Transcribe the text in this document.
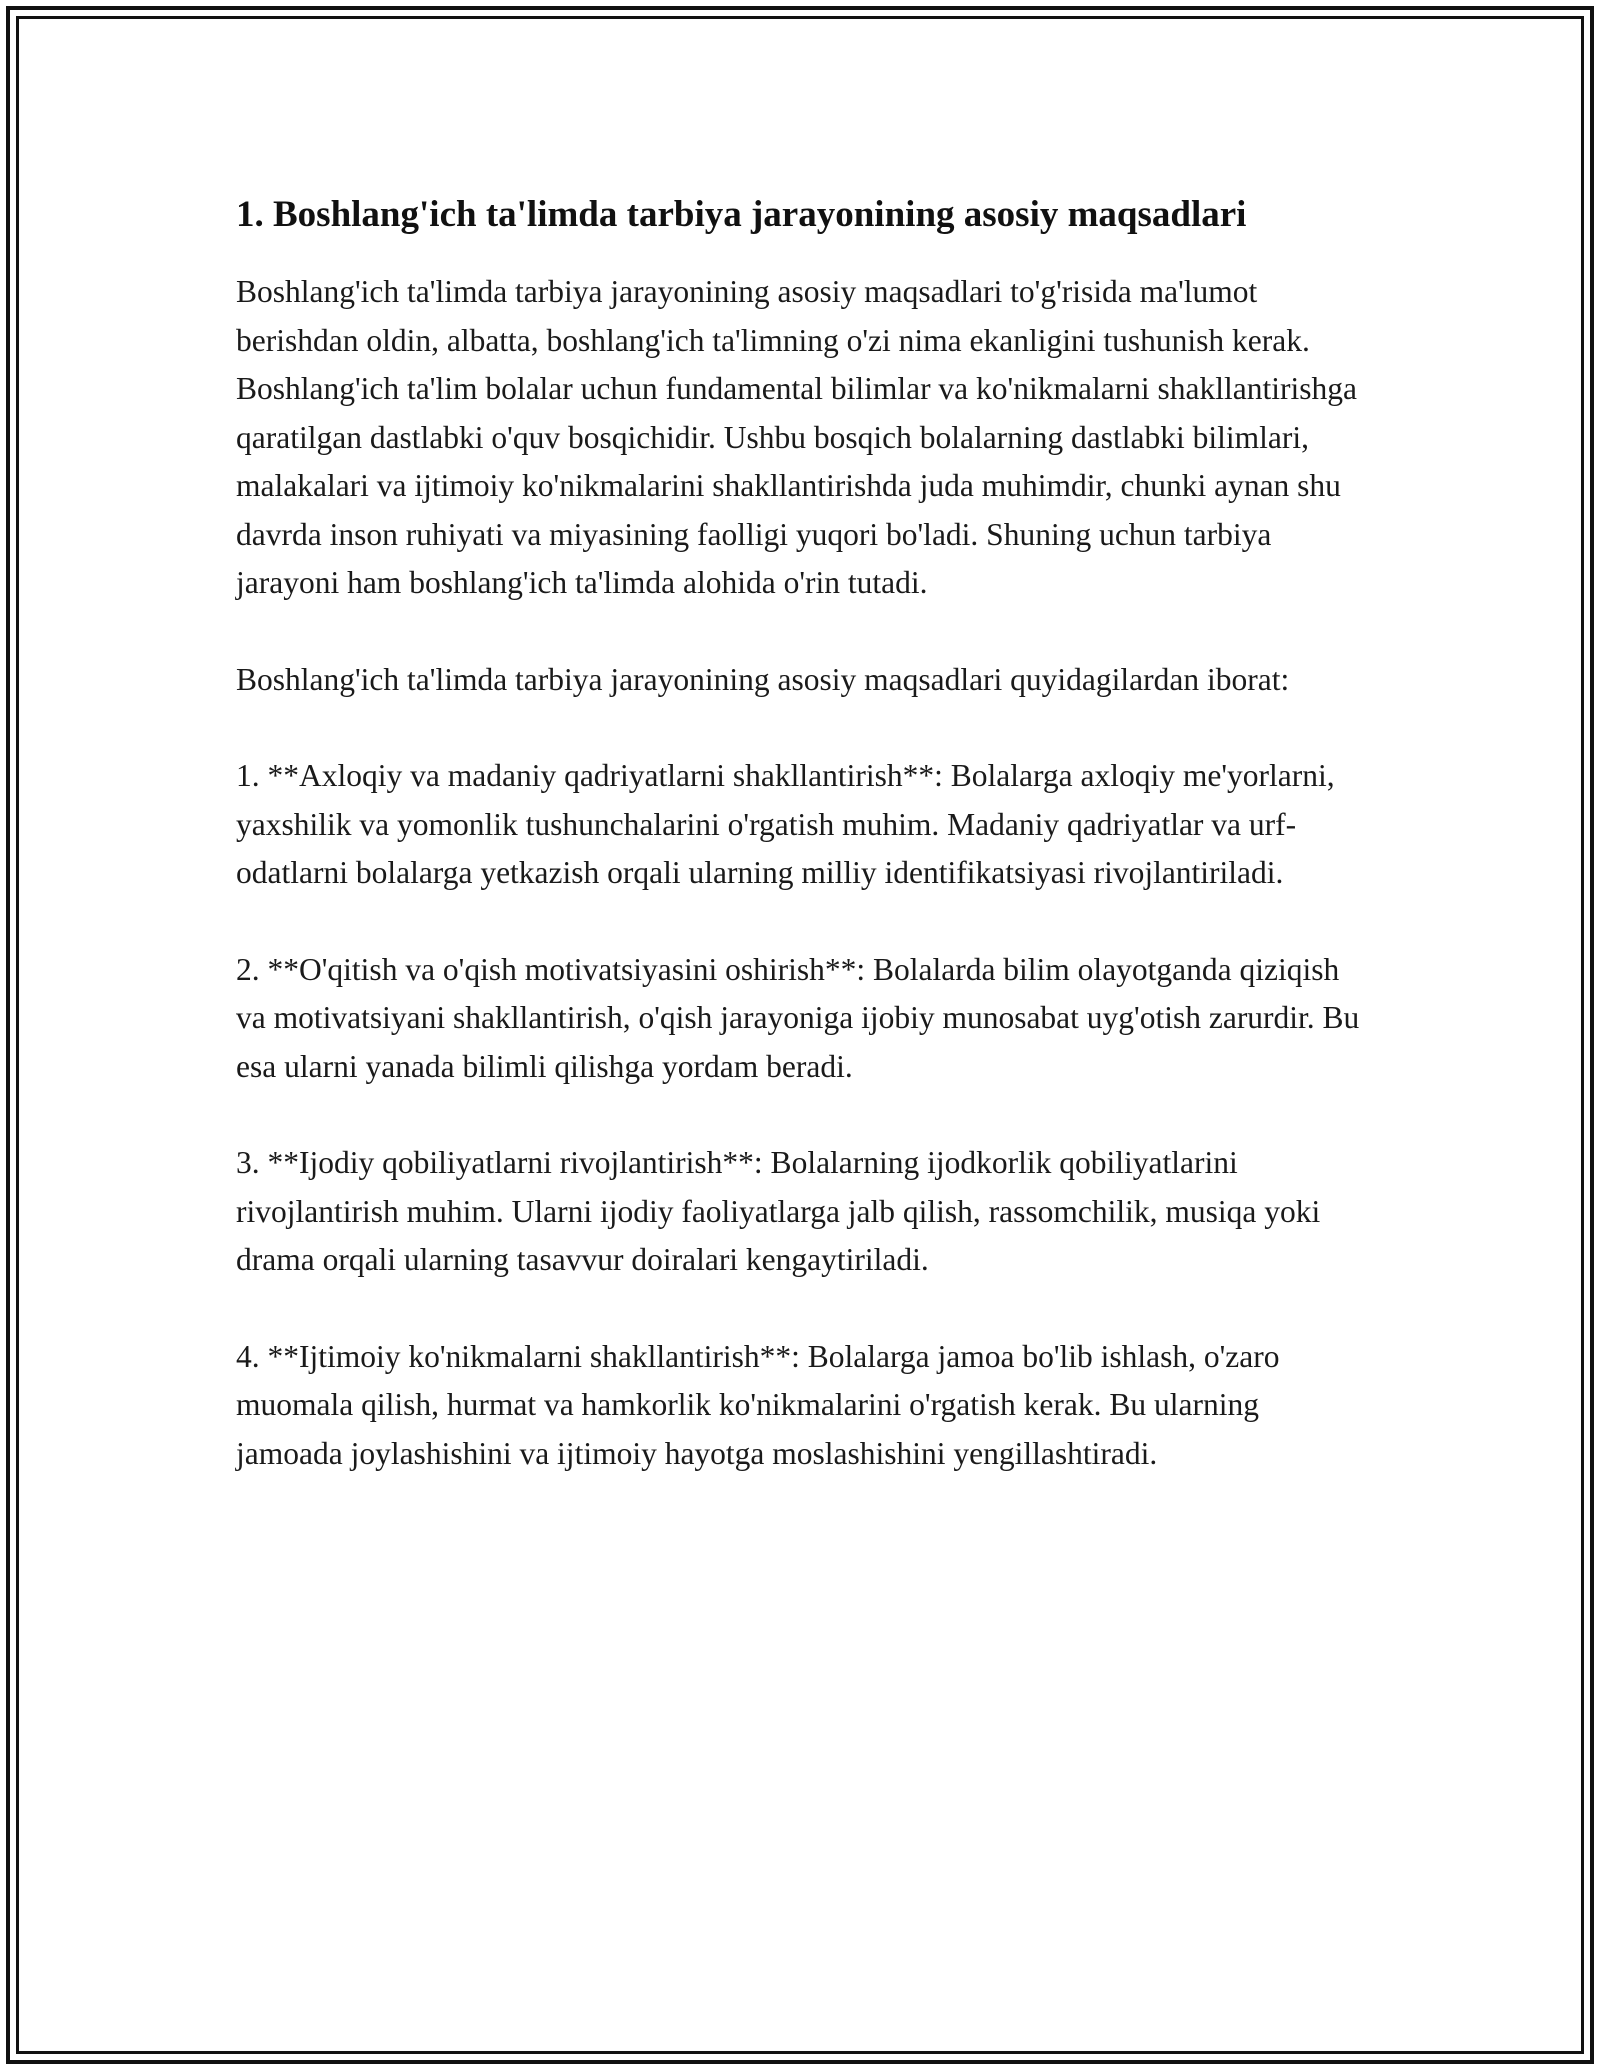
1. Boshlang'ich ta'limda tarbiya jarayonining asosiy maqsadlari

Boshlang'ich ta'limda tarbiya jarayonining asosiy maqsadlari to'g'risida ma'lumot berishdan oldin, albatta, boshlang'ich ta'limning o'zi nima ekanligini tushunish kerak. Boshlang'ich ta'lim bolalar uchun fundamental bilimlar va ko'nikmalarni shakllantirishga qaratilgan dastlabki o'quv bosqichidir. Ushbu bosqich bolalarning dastlabki bilimlari, malakalari va ijtimoiy ko'nikmalarini shakllantirishda juda muhimdir, chunki aynan shu davrda inson ruhiyati va miyasining faolligi yuqori bo'ladi. Shuning uchun tarbiya jarayoni ham boshlang'ich ta'limda alohida o'rin tutadi.

Boshlang'ich ta'limda tarbiya jarayonining asosiy maqsadlari quyidagilardan iborat:

1. **Axloqiy va madaniy qadriyatlarni shakllantirish**: Bolalarga axloqiy me'yorlarni, yaxshilik va yomonlik tushunchalarini o'rgatish muhim. Madaniy qadriyatlar va urf-odatlarni bolalarga yetkazish orqali ularning milliy identifikatsiyasi rivojlantiriladi.

2. **O'qitish va o'qish motivatsiyasini oshirish**: Bolalarda bilim olayotganda qiziqish va motivatsiyani shakllantirish, o'qish jarayoniga ijobiy munosabat uyg'otish zarurdir. Bu esa ularni yanada bilimli qilishga yordam beradi.

3. **Ijodiy qobiliyatlarni rivojlantirish**: Bolalarning ijodkorlik qobiliyatlarini rivojlantirish muhim. Ularni ijodiy faoliyatlarga jalb qilish, rassomchilik, musiqa yoki drama orqali ularning tasavvur doiralari kengaytiriladi.

4. **Ijtimoiy ko'nikmalarni shakllantirish**: Bolalarga jamoa bo'lib ishlash, o'zaro muomala qilish, hurmat va hamkorlik ko'nikmalarini o'rgatish kerak. Bu ularning jamoada joylashishini va ijtimoiy hayotga moslashishini yengillashtiradi.
